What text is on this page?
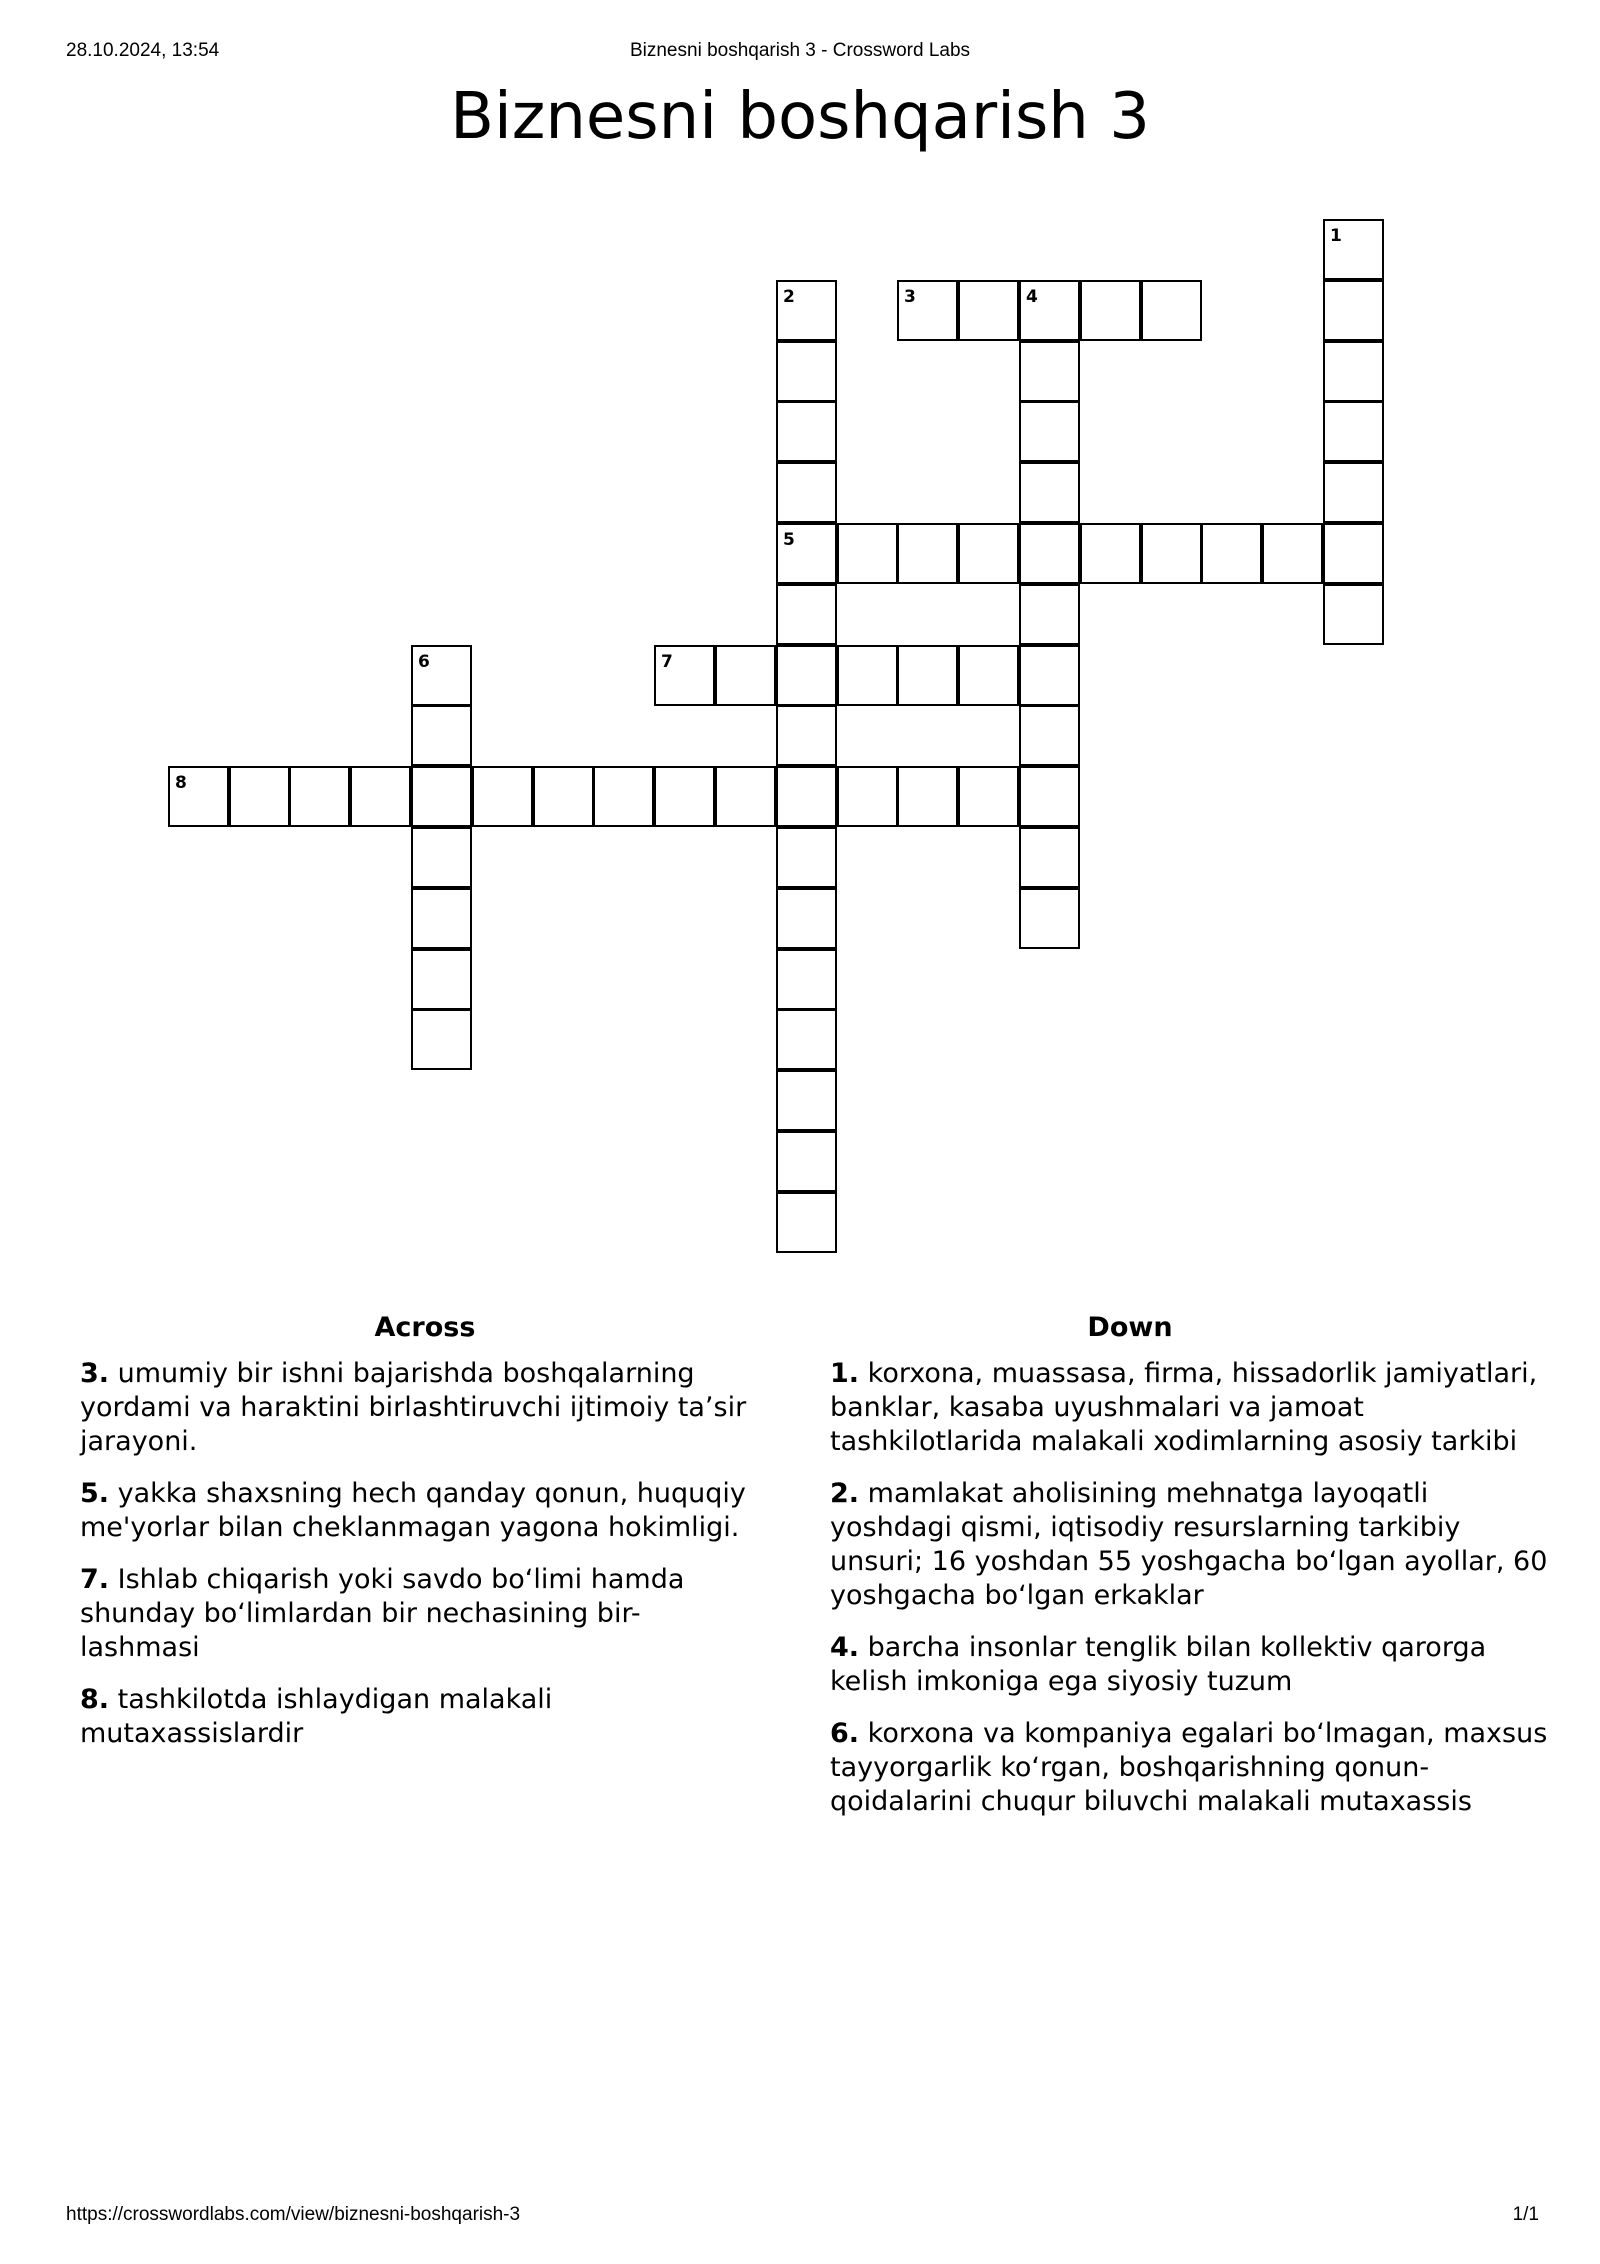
28.10.2024, 13:54	Biznesni boshqarish 3 - Crossword Labs
Biznesni boshqarish 3
1
2
5
3	4
6	7
8
Across
3. umumiy bir ishni bajarishda boshqalarning yordami va haraktini birlashtiruvchi ijtimoiy taʼsir jarayoni.
5. yakka shaxsning hech qanday qonun, huquqiy me'yorlar bilan cheklanmagan yagona hokimligi.
7. Ishlab chiqarish yoki savdo boʻlimi hamda shunday boʻlimlardan bir nechasining bir-lashmasi
8. tashkilotda ishlaydigan malakali mutaxassislardir
Down
1. korxona, muassasa, firma, hissadorlik jamiyatlari, banklar, kasaba uyushmalari va jamoat tashkilotlarida malakali xodimlarning asosiy tarkibi
2. mamlakat aholisining mehnatga layoqatli yoshdagi qismi, iqtisodiy resurslarning tarkibiy unsuri; 16 yoshdan 55 yoshgacha boʻlgan ayollar, 60 yoshgacha boʻlgan erkaklar
4. barcha insonlar tenglik bilan kollektiv qarorga kelish imkoniga ega siyosiy tuzum
6. korxona va kompaniya egalari boʻlmagan, maxsus tayyorgarlik koʻrgan, boshqarishning qonun-qoidalarini chuqur biluvchi malakali mutaxassis
https://crosswordlabs.com/view/biznesni-boshqarish-3	1/1
